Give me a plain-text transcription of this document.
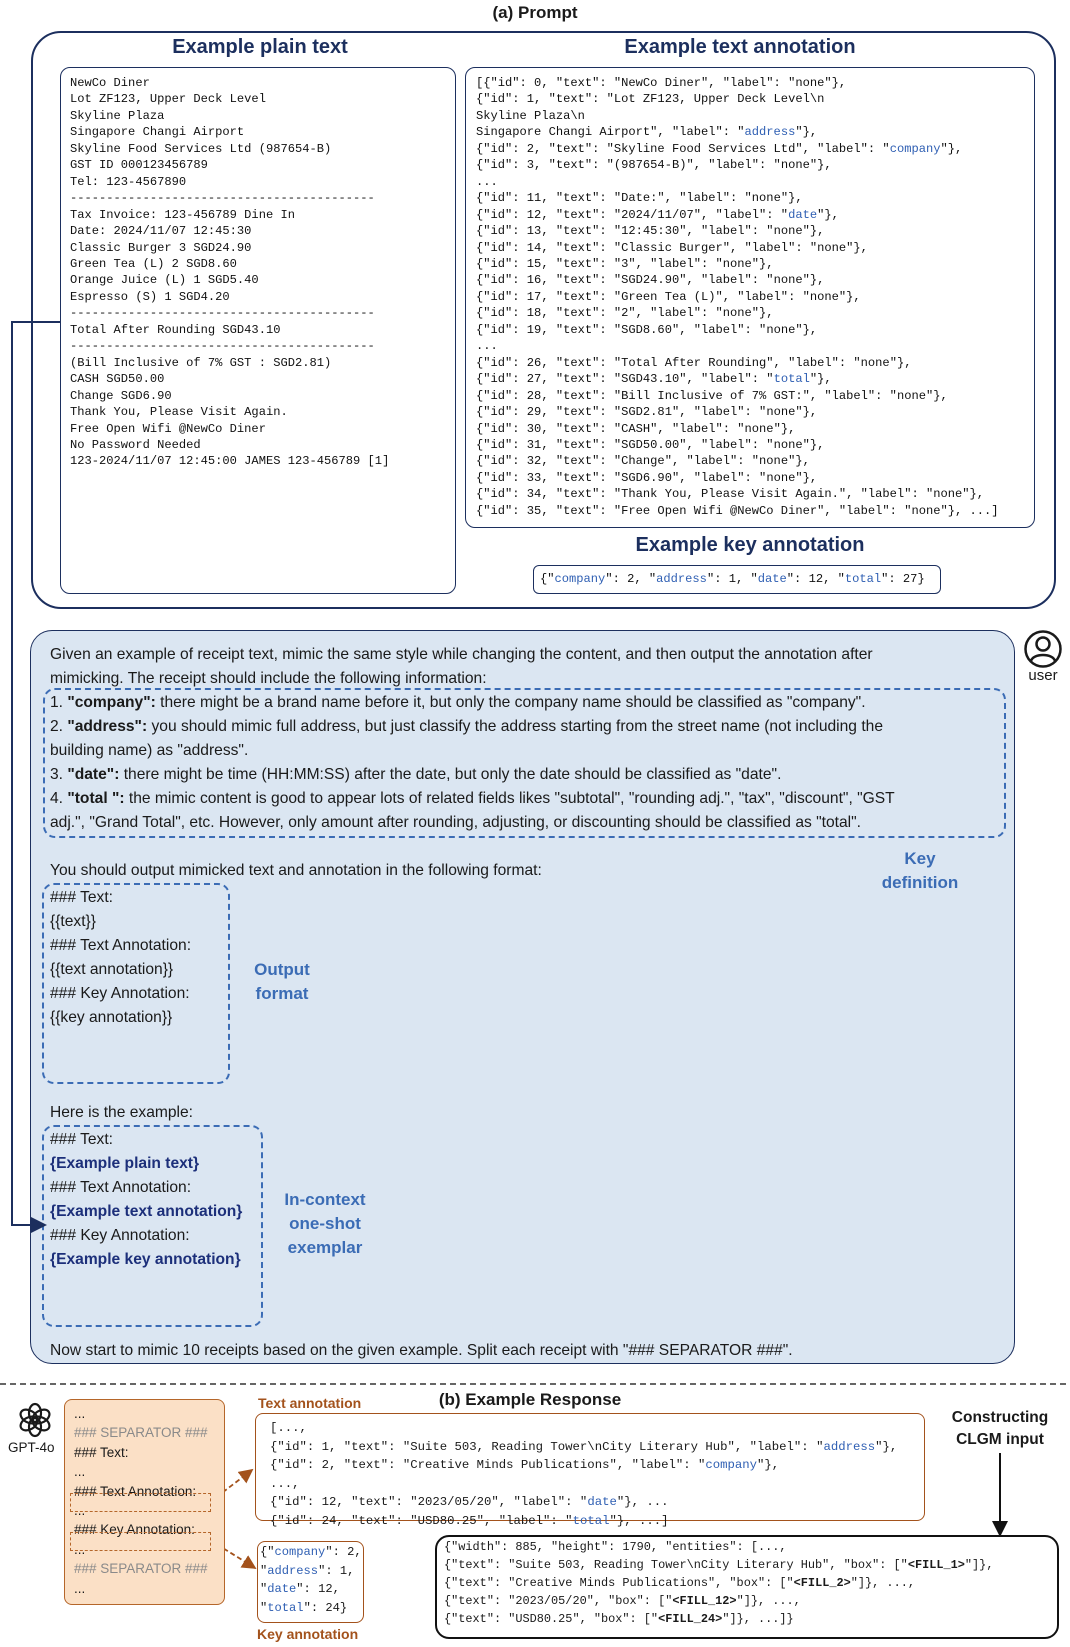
(a) Prompt
Example plain text
NewCo Diner
Lot ZF123, Upper Deck Level
Skyline Plaza
Singapore Changi Airport
Skyline Food Services Ltd (987654-B)
GST ID 000123456789
Tel: 123-4567890
------------------------------------------
Tax Invoice: 123-456789 Dine In
Date: 2024/11/07 12:45:30
Classic Burger 3 SGD24.90
Green Tea (L) 2 SGD8.60
Orange Juice (L) 1 SGD5.40
Espresso (S) 1 SGD4.20
------------------------------------------
Total After Rounding SGD43.10
------------------------------------------
(Bill Inclusive of 7% GST : SGD2.81)
CASH SGD50.00
Change SGD6.90
Thank You, Please Visit Again.
Free Open Wifi @NewCo Diner
No Password Needed
123-2024/11/07 12:45:00 JAMES 123-456789 [1]
Example text annotation
[{"id": 0, "text": "NewCo Diner", "label": "none"},
{"id": 1, "text": "Lot ZF123, Upper Deck Level\n
Skyline Plaza\n
Singapore Changi Airport", "label": "address"},
{"id": 2, "text": "Skyline Food Services Ltd", "label": "company"},
{"id": 3, "text": "(987654-B)", "label": "none"},
...
{"id": 11, "text": "Date:", "label": "none"},
{"id": 12, "text": "2024/11/07", "label": "date"},
{"id": 13, "text": "12:45:30", "label": "none"},
{"id": 14, "text": "Classic Burger", "label": "none"},
{"id": 15, "text": "3", "label": "none"},
{"id": 16, "text": "SGD24.90", "label": "none"},
{"id": 17, "text": "Green Tea (L)", "label": "none"},
{"id": 18, "text": "2", "label": "none"},
{"id": 19, "text": "SGD8.60", "label": "none"},
...
{"id": 26, "text": "Total After Rounding", "label": "none"},
{"id": 27, "text": "SGD43.10", "label": "total"},
{"id": 28, "text": "Bill Inclusive of 7% GST:", "label": "none"},
{"id": 29, "text": "SGD2.81", "label": "none"},
{"id": 30, "text": "CASH", "label": "none"},
{"id": 31, "text": "SGD50.00", "label": "none"},
{"id": 32, "text": "Change", "label": "none"},
{"id": 33, "text": "SGD6.90", "label": "none"},
{"id": 34, "text": "Thank You, Please Visit Again.", "label": "none"},
{"id": 35, "text": "Free Open Wifi @NewCo Diner", "label": "none"}, ...]
Example key annotation
{"company": 2, "address": 1, "date": 12, "total": 27}
user
Given an example of receipt text, mimic the same style while changing the content, and then output the annotation after
mimicking. The receipt should include the following information:
1. "company": there might be a brand name before it, but only the company name should be classified as "company".
2. "address": you should mimic full address, but just classify the address starting from the street name (not including the
building name) as "address".
3. "date": there might be time (HH:MM:SS) after the date, but only the date should be classified as "date".
4. "total ": the mimic content is good to appear lots of related fields likes "subtotal", "rounding adj.", "tax", "discount", "GST
adj.", "Grand Total", etc. However, only amount after rounding, adjusting, or discounting should be classified as "total".
Key
definition
You should output mimicked text and annotation in the following format:
### Text:
{{text}}
### Text Annotation:
{{text annotation}}
### Key Annotation:
{{key annotation}}
Output
format
Here is the example:
### Text:
{Example plain text}
### Text Annotation:
{Example text annotation}
### Key Annotation:
{Example key annotation}
In-context
one-shot
exemplar
Now start to mimic 10 receipts based on the given example. Split each receipt with "### SEPARATOR ###".
(b) Example Response
GPT-4o
...
### SEPARATOR ###
### Text:
...
### Text Annotation:
...
### Key Annotation:
...
### SEPARATOR ###
...
Text annotation
[...,
{"id": 1, "text": "Suite 503, Reading Tower\nCity Literary Hub", "label": "address"},
{"id": 2, "text": "Creative Minds Publications", "label": "company"},
...,
{"id": 12, "text": "2023/05/20", "label": "date"}, ...
{"id": 24, "text": "USD80.25", "label": "total"}, ...]
{"company": 2,
"address": 1,
"date": 12,
"total": 24}
Key annotation
Constructing
CLGM input
{"width": 885, "height": 1790, "entities": [...,
{"text": "Suite 503, Reading Tower\nCity Literary Hub", "box": ["<FILL_1>"]},
{"text": "Creative Minds Publications", "box": ["<FILL_2>"]}, ...,
{"text": "2023/05/20", "box": ["<FILL_12>"]}, ...,
{"text": "USD80.25", "box": ["<FILL_24>"]}, ...]}
